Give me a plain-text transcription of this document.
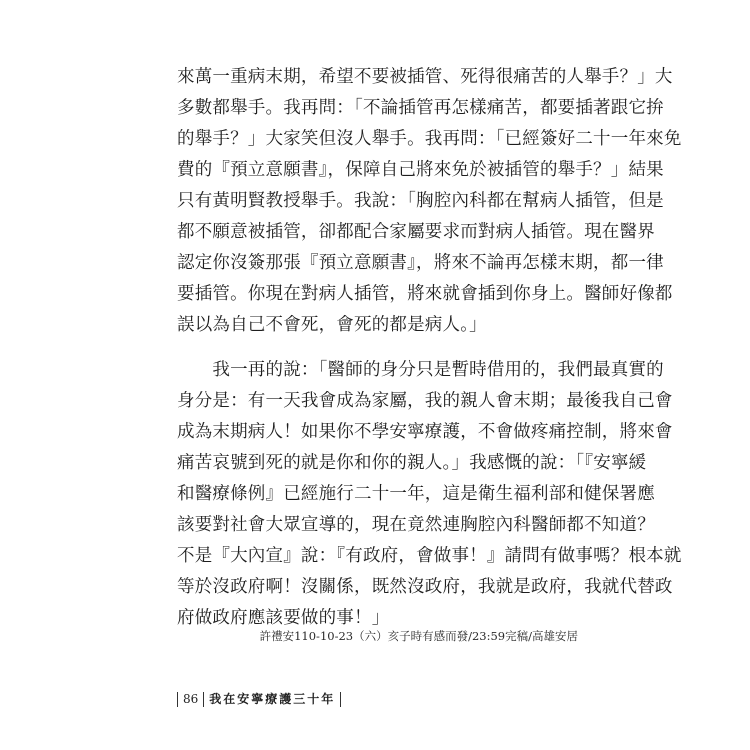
來萬一重病末期，希望不要被插管、死得很痛苦的人舉手？」大
多數都舉手。我再問：「不論插管再怎樣痛苦，都要插著跟它拚
的舉手？」大家笑但沒人舉手。我再問：「已經簽好二十一年來免
費的『預立意願書』，保障自己將來免於被插管的舉手？」結果
只有黃明賢教授舉手。我說：「胸腔內科都在幫病人插管，但是
都不願意被插管，卻都配合家屬要求而對病人插管。現在醫界
認定你沒簽那張『預立意願書』，將來不論再怎樣末期，都一律
要插管。你現在對病人插管，將來就會插到你身上。醫師好像都
誤以為自己不會死，會死的都是病人。」
　　我一再的說：「醫師的身分只是暫時借用的，我們最真實的
身分是：有一天我會成為家屬，我的親人會末期；最後我自己會
成為末期病人！如果你不學安寧療護，不會做疼痛控制，將來會
痛苦哀號到死的就是你和你的親人。」我感慨的說：「『安寧緩
和醫療條例』已經施行二十一年，這是衛生福利部和健保署應
該要對社會大眾宣導的，現在竟然連胸腔內科醫師都不知道？
不是『大內宣』說：『有政府，會做事！』請問有做事嗎？根本就
等於沒政府啊！沒關係，既然沒政府，我就是政府，我就代替政
府做政府應該要做的事！」
許禮安110-10-23（六）亥子時有感而發/23:59完稿/高雄安居
86 我在安寧療護三十年
